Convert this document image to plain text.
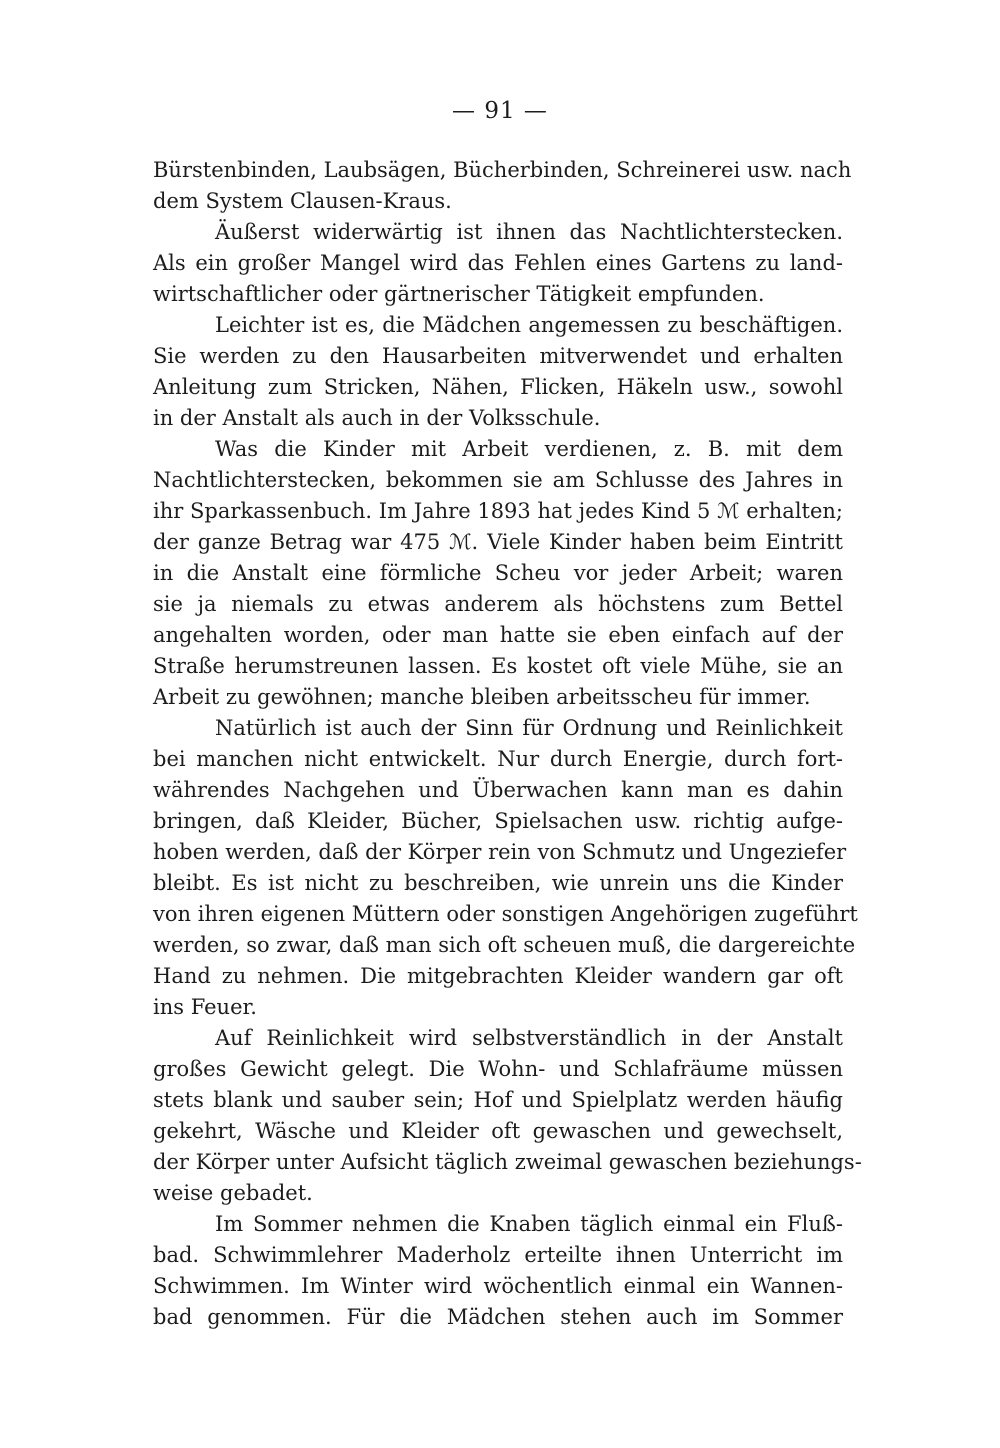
— 91 —
Bürstenbinden, Laubsägen, Bücherbinden, Schreinerei usw. nach
dem System Clausen-Kraus.
Äußerst widerwärtig ist ihnen das Nachtlichterstecken.
Als ein großer Mangel wird das Fehlen eines Gartens zu land-
wirtschaftlicher oder gärtnerischer Tätigkeit empfunden.
Leichter ist es, die Mädchen angemessen zu beschäftigen.
Sie werden zu den Hausarbeiten mitverwendet und erhalten
Anleitung zum Stricken, Nähen, Flicken, Häkeln usw., sowohl
in der Anstalt als auch in der Volksschule.
Was die Kinder mit Arbeit verdienen, z. B. mit dem
Nachtlichterstecken, bekommen sie am Schlusse des Jahres in
ihr Sparkassenbuch. Im Jahre 1893 hat jedes Kind 5 ℳ erhalten;
der ganze Betrag war 475 ℳ. Viele Kinder haben beim Eintritt
in die Anstalt eine förmliche Scheu vor jeder Arbeit; waren
sie ja niemals zu etwas anderem als höchstens zum Bettel
angehalten worden, oder man hatte sie eben einfach auf der
Straße herumstreunen lassen. Es kostet oft viele Mühe, sie an
Arbeit zu gewöhnen; manche bleiben arbeitsscheu für immer.
Natürlich ist auch der Sinn für Ordnung und Reinlichkeit
bei manchen nicht entwickelt. Nur durch Energie, durch fort-
währendes Nachgehen und Überwachen kann man es dahin
bringen, daß Kleider, Bücher, Spielsachen usw. richtig aufge-
hoben werden, daß der Körper rein von Schmutz und Ungeziefer
bleibt. Es ist nicht zu beschreiben, wie unrein uns die Kinder
von ihren eigenen Müttern oder sonstigen Angehörigen zugeführt
werden, so zwar, daß man sich oft scheuen muß, die dargereichte
Hand zu nehmen. Die mitgebrachten Kleider wandern gar oft
ins Feuer.
Auf Reinlichkeit wird selbstverständlich in der Anstalt
großes Gewicht gelegt. Die Wohn- und Schlafräume müssen
stets blank und sauber sein; Hof und Spielplatz werden häufig
gekehrt, Wäsche und Kleider oft gewaschen und gewechselt,
der Körper unter Aufsicht täglich zweimal gewaschen beziehungs-
weise gebadet.
Im Sommer nehmen die Knaben täglich einmal ein Fluß-
bad. Schwimmlehrer Maderholz erteilte ihnen Unterricht im
Schwimmen. Im Winter wird wöchentlich einmal ein Wannen-
bad genommen. Für die Mädchen stehen auch im Sommer
